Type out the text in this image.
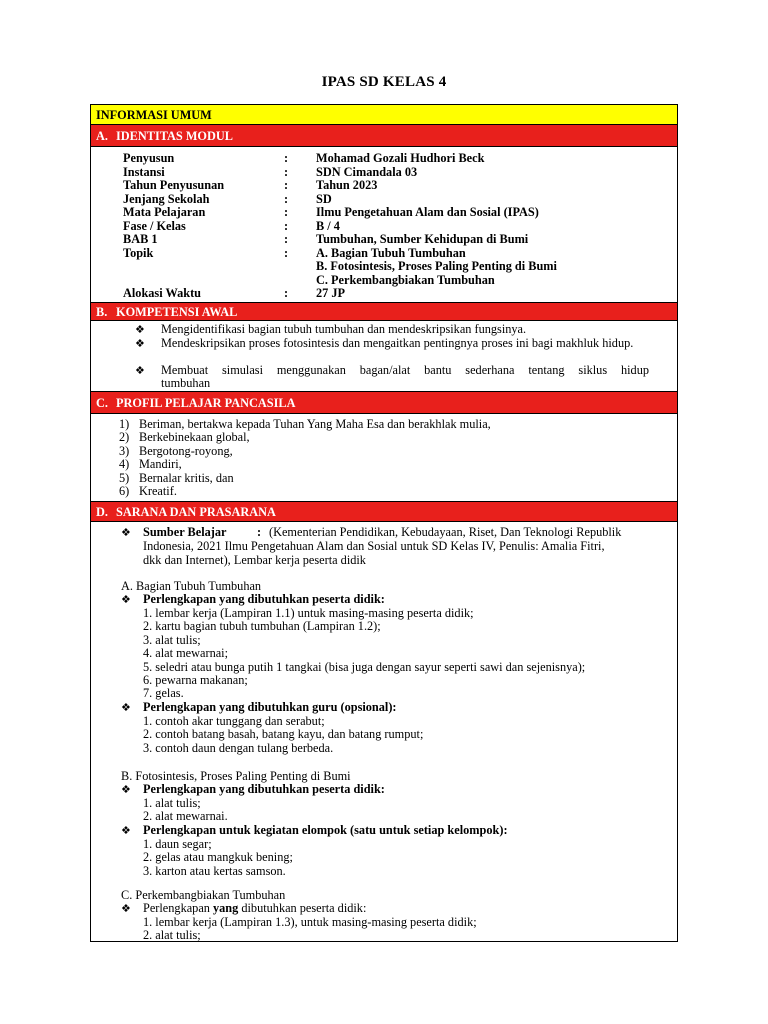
IPAS SD KELAS 4
INFORMASI UMUM
A. IDENTITAS MODUL
Penyusun	: Mohamad Gozali Hudhori Beck
Instansi	: SDN Cimandala 03
Tahun Penyusunan	: Tahun 2023
Jenjang Sekolah	: SD
Mata Pelajaran	: Ilmu Pengetahuan Alam dan Sosial (IPAS)
Fase / Kelas	: B / 4
BAB 1	: Tumbuhan, Sumber Kehidupan di Bumi
Topik	: A. Bagian Tubuh Tumbuhan
B. Fotosintesis, Proses Paling Penting di Bumi
C. Perkembangbiakan Tumbuhan
Alokasi Waktu	: 27 JP
B. KOMPETENSI AWAL
❖ Mengidentifikasi bagian tubuh tumbuhan dan mendeskripsikan fungsinya.
❖ Mendeskripsikan proses fotosintesis dan mengaitkan pentingnya proses ini bagi makhluk hidup.
❖ Membuat simulasi menggunakan bagan/alat bantu sederhana tentang siklus hidup tumbuhan
C. PROFIL PELAJAR PANCASILA
1) Beriman, bertakwa kepada Tuhan Yang Maha Esa dan berakhlak mulia,
2) Berkebinekaan global,
3) Bergotong-royong,
4) Mandiri,
5) Bernalar kritis, dan
6) Kreatif.
D. SARANA DAN PRASARANA
❖ Sumber Belajar : (Kementerian Pendidikan, Kebudayaan, Riset, Dan Teknologi Republik
Indonesia, 2021 Ilmu Pengetahuan Alam dan Sosial untuk SD Kelas IV, Penulis: Amalia Fitri,
dkk dan Internet), Lembar kerja peserta didik
A. Bagian Tubuh Tumbuhan
❖ Perlengkapan yang dibutuhkan peserta didik:
1. lembar kerja (Lampiran 1.1) untuk masing-masing peserta didik;
2. kartu bagian tubuh tumbuhan (Lampiran 1.2);
3. alat tulis;
4. alat mewarnai;
5. seledri atau bunga putih 1 tangkai (bisa juga dengan sayur seperti sawi dan sejenisnya);
6. pewarna makanan;
7. gelas.
❖ Perlengkapan yang dibutuhkan guru (opsional):
1. contoh akar tunggang dan serabut;
2. contoh batang basah, batang kayu, dan batang rumput;
3. contoh daun dengan tulang berbeda.
B. Fotosintesis, Proses Paling Penting di Bumi
❖ Perlengkapan yang dibutuhkan peserta didik:
1. alat tulis;
2. alat mewarnai.
❖ Perlengkapan untuk kegiatan elompok (satu untuk setiap kelompok):
1. daun segar;
2. gelas atau mangkuk bening;
3. karton atau kertas samson.
C. Perkembangbiakan Tumbuhan
❖ Perlengkapan yang dibutuhkan peserta didik:
1. lembar kerja (Lampiran 1.3), untuk masing-masing peserta didik;
2. alat tulis;
